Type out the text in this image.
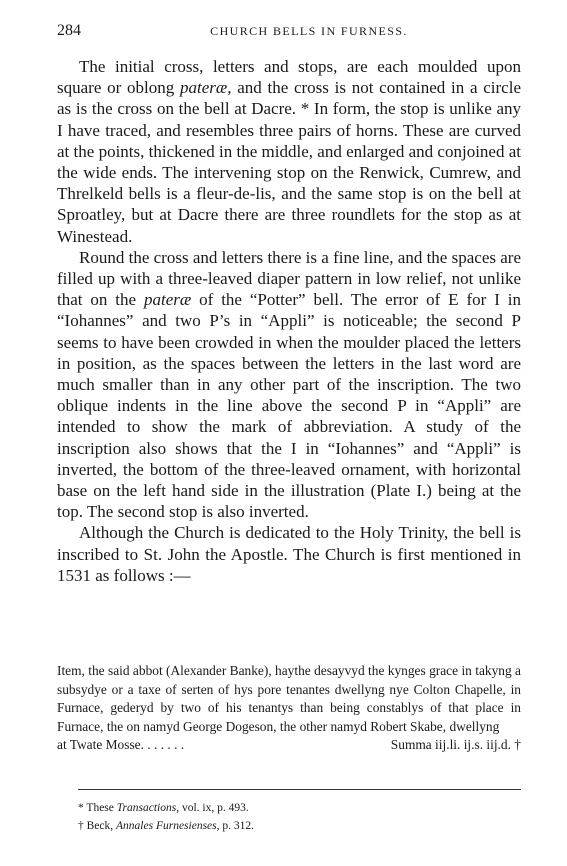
284	CHURCH BELLS IN FURNESS.

The initial cross, letters and stops, are each moulded upon square or oblong pateræ, and the cross is not contained in a circle as is the cross on the bell at Dacre. * In form, the stop is unlike any I have traced, and resembles three pairs of horns. These are curved at the points, thickened in the middle, and enlarged and conjoined at the wide ends. The intervening stop on the Renwick, Cumrew, and Threlkeld bells is a fleur-de-lis, and the same stop is on the bell at Sproatley, but at Dacre there are three roundlets for the stop as at Winestead.

Round the cross and letters there is a fine line, and the spaces are filled up with a three-leaved diaper pattern in low relief, not unlike that on the pateræ of the “Potter” bell. The error of E for I in “Iohannes” and two P’s in “Appli” is noticeable; the second P seems to have been crowded in when the moulder placed the letters in position, as the spaces between the letters in the last word are much smaller than in any other part of the inscription. The two oblique indents in the line above the second P in “Appli” are intended to show the mark of abbreviation. A study of the inscription also shows that the I in “Iohannes” and “Appli” is inverted, the bottom of the three-leaved ornament, with horizontal base on the left hand side in the illustration (Plate I.) being at the top. The second stop is also inverted.

Although the Church is dedicated to the Holy Trinity, the bell is inscribed to St. John the Apostle. The Church is first mentioned in 1531 as follows :—

Item, the said abbot (Alexander Banke), haythe desayvyd the kynges grace in takyng a subsydye or a taxe of serten of hys pore tenantes dwellyng nye Colton Chapelle, in Furnace, gederyd by two of his tenantys than being constablys of that place in Furnace, the on namyd George Dogeson, the other namyd Robert Skabe, dwellyng

at Twate Mosse. . . . . . .	Summa iij.li. ij.s. iij.d. †
* These Transactions, vol. ix, p. 493.
† Beck, Annales Furnesienses, p. 312.
